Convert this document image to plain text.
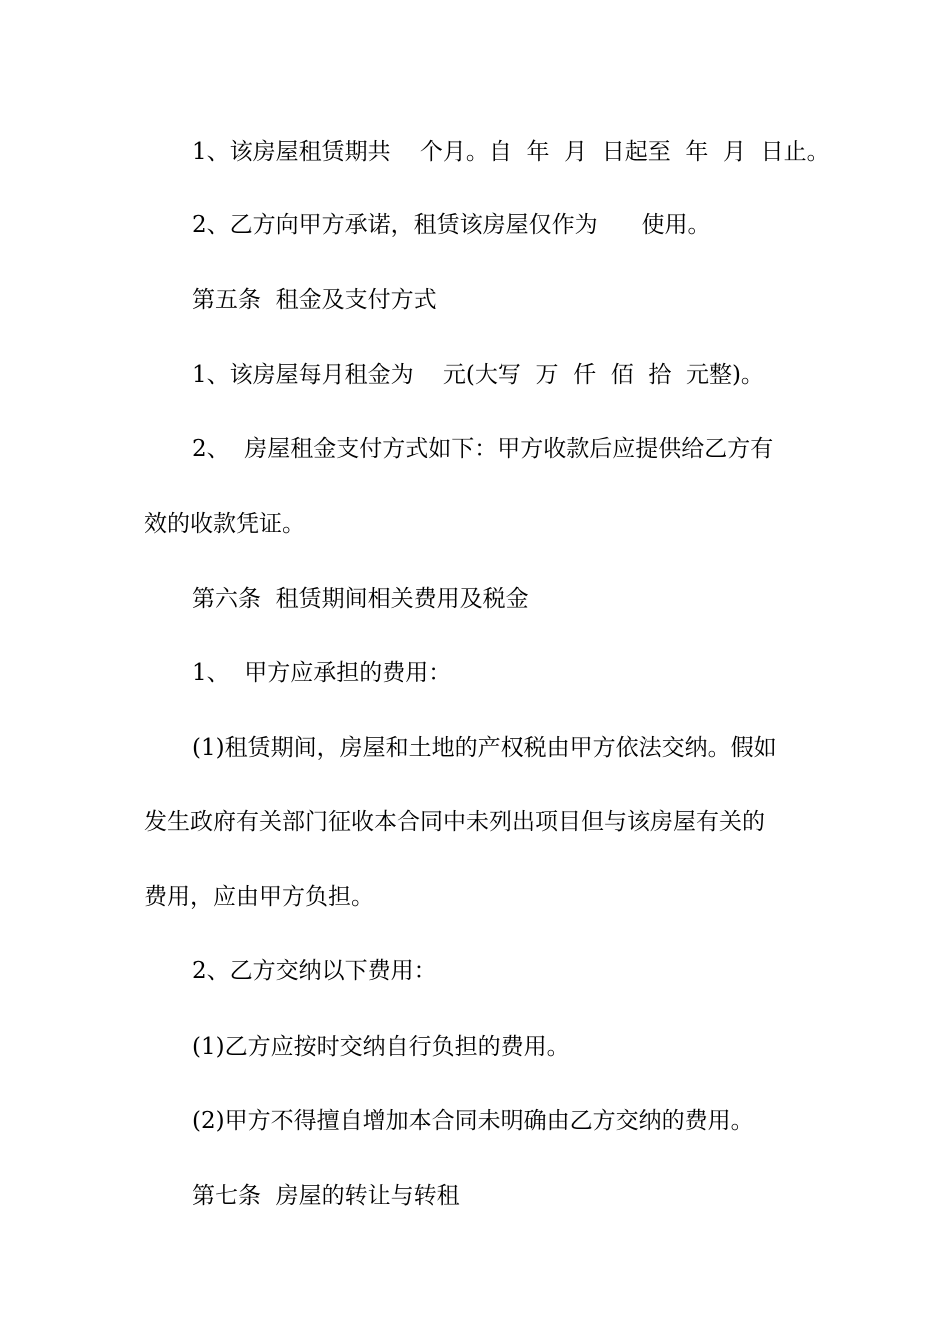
1、该房屋租赁期共    个月。自  年  月  日起至  年  月  日止。
2、乙方向甲方承诺，租赁该房屋仅作为      使用。
第五条  租金及支付方式
1、该房屋每月租金为    元(大写  万  仟  佰  拾  元整)。
2、  房屋租金支付方式如下：甲方收款后应提供给乙方有
效的收款凭证。
第六条  租赁期间相关费用及税金
1、  甲方应承担的费用：
(1)租赁期间，房屋和土地的产权税由甲方依法交纳。假如
发生政府有关部门征收本合同中未列出项目但与该房屋有关的
费用，应由甲方负担。
2、乙方交纳以下费用：
(1)乙方应按时交纳自行负担的费用。
(2)甲方不得擅自增加本合同未明确由乙方交纳的费用。
第七条  房屋的转让与转租
